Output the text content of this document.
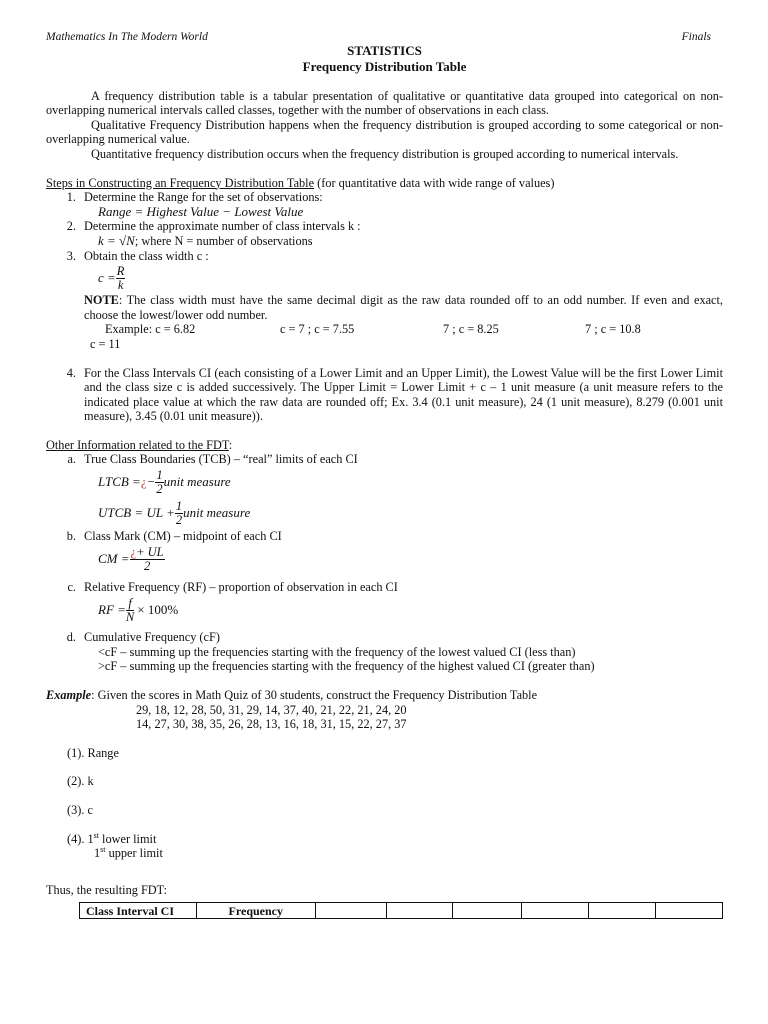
Mathematics In The Modern World	Finals
STATISTICS
Frequency Distribution Table

A frequency distribution table is a tabular presentation of qualitative or quantitative data grouped into categorical on non-overlapping numerical intervals called classes, together with the number of observations in each class.

Qualitative Frequency Distribution happens when the frequency distribution is grouped according to some categorical or non-overlapping numerical value.

Quantitative frequency distribution occurs when the frequency distribution is grouped according to numerical intervals.

Steps in Constructing an Frequency Distribution Table (for quantitative data with wide range of values)
1. Determine the Range for the set of observations:
Range = Highest Value − Lowest Value
2. Determine the approximate number of class intervals k :
k = √N; where N = number of observations
3. Obtain the class width c :
$c = \frac{R}{k}$

NOTE: The class width must have the same decimal digit as the raw data rounded off to an odd number. If even and exact, choose the lowest/lower odd number.

Example: c = 6.82	c = 7 ; c = 7.55	7 ; c = 8.25	7 ; c = 10.8
c = 11
4. For the Class Intervals CI (each consisting of a Lower Limit and an Upper Limit), the Lowest Value will be the first Lower Limit and the class size c is added successively. The Upper Limit = Lower Limit + c – 1 unit measure (a unit measure refers to the indicated place value at which the raw data are rounded off; Ex. 3.4 (0.1 unit measure), 24 (1 unit measure), 8.279 (0.001 unit measure), 3.45 (0.01 unit measure)).

Other Information related to the FDT:
a. True Class Boundaries (TCB) – “real” limits of each CI
LTCB = ¿ − $\frac{1}{2}$ unit measure
UTCB = UL + $\frac{1}{2}$ unit measure
b. Class Mark (CM) – midpoint of each CI
CM = $\frac{¿+ UL}{2}$
c. Relative Frequency (RF) – proportion of observation in each CI
RF = $\frac{f}{N} \times 100\%$
d. Cumulative Frequency (cF)
<cF – summing up the frequencies starting with the frequency of the lowest valued CI (less than)
>cF – summing up the frequencies starting with the frequency of the highest valued CI (greater than)
Example: Given the scores in Math Quiz of 30 students, construct the Frequency Distribution Table
29, 18, 12, 28, 50, 31, 29, 14, 37, 40, 21, 22, 21, 24, 20
14, 27, 30, 38, 35, 26, 28, 13, 16, 18, 31, 15, 22, 27, 37
(1). Range
(2). k
(3). c
(4). 1st lower limit
1st upper limit
Thus, the resulting FDT:
Class Interval CI	Frequency						
